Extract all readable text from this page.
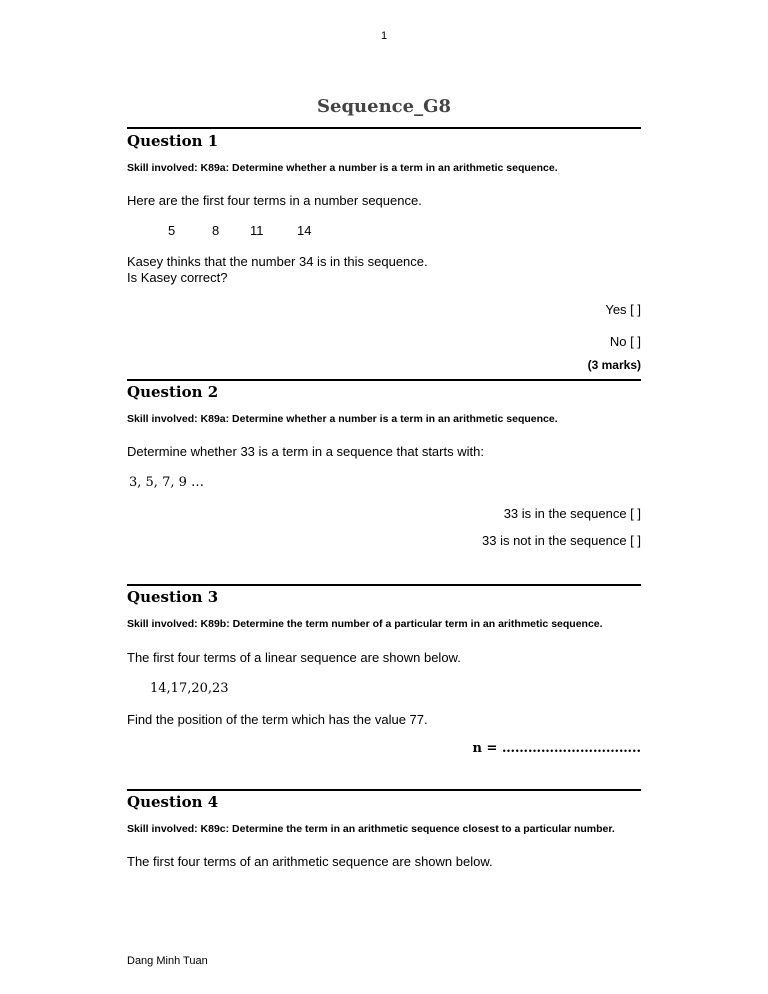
1
Sequence_G8
Question 1
Skill involved: K89a: Determine whether a number is a term in an arithmetic sequence.
Here are the first four terms in a number sequence.
5	8 11	14
Kasey thinks that the number 34 is in this sequence.
Is Kasey correct?
Yes [ ]
No [ ]
(3 marks)
Question 2
Skill involved: K89a: Determine whether a number is a term in an arithmetic sequence.
Determine whether 33 is a term in a sequence that starts with:
3, 5, 7, 9 …
33 is in the sequence [ ]
33 is not in the sequence [ ]
Question 3
Skill involved: K89b: Determine the term number of a particular term in an arithmetic sequence.
The first four terms of a linear sequence are shown below.
14,17,20,23
Find the position of the term which has the value 77.
n = …………………………..
Question 4
Skill involved: K89c: Determine the term in an arithmetic sequence closest to a particular number.
The first four terms of an arithmetic sequence are shown below.
Dang Minh Tuan
